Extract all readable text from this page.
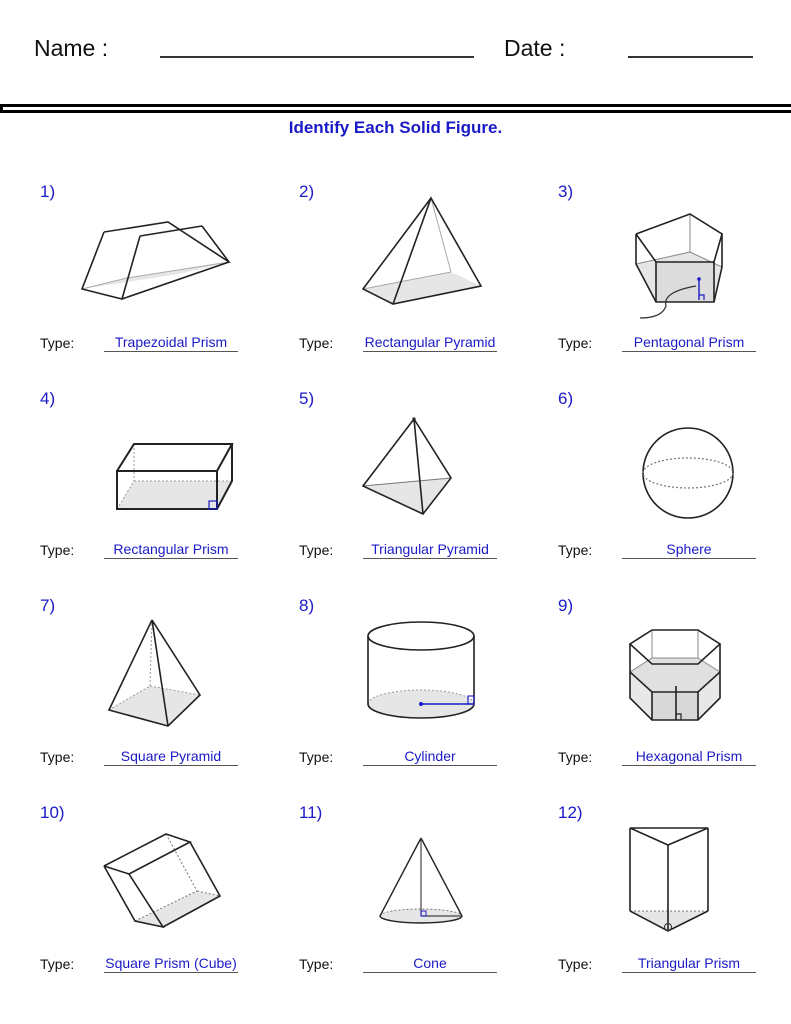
Name :	Date :
Identify Each Solid Figure.
1)
Type:	Trapezoidal Prism
2)
Type: Rectangular Pyramid
3)
Type:	Pentagonal Prism
4)
Type:	Rectangular Prism
5)
Type:	Triangular Pyramid
6)
Type:	Sphere
7)
Type:	Square Pyramid
8)
Type:	Cylinder
9)
Type:	Hexagonal Prism
10)
Type: Square Prism (Cube)
11)
Type:	Cone
12)
Type:	Triangular Prism
